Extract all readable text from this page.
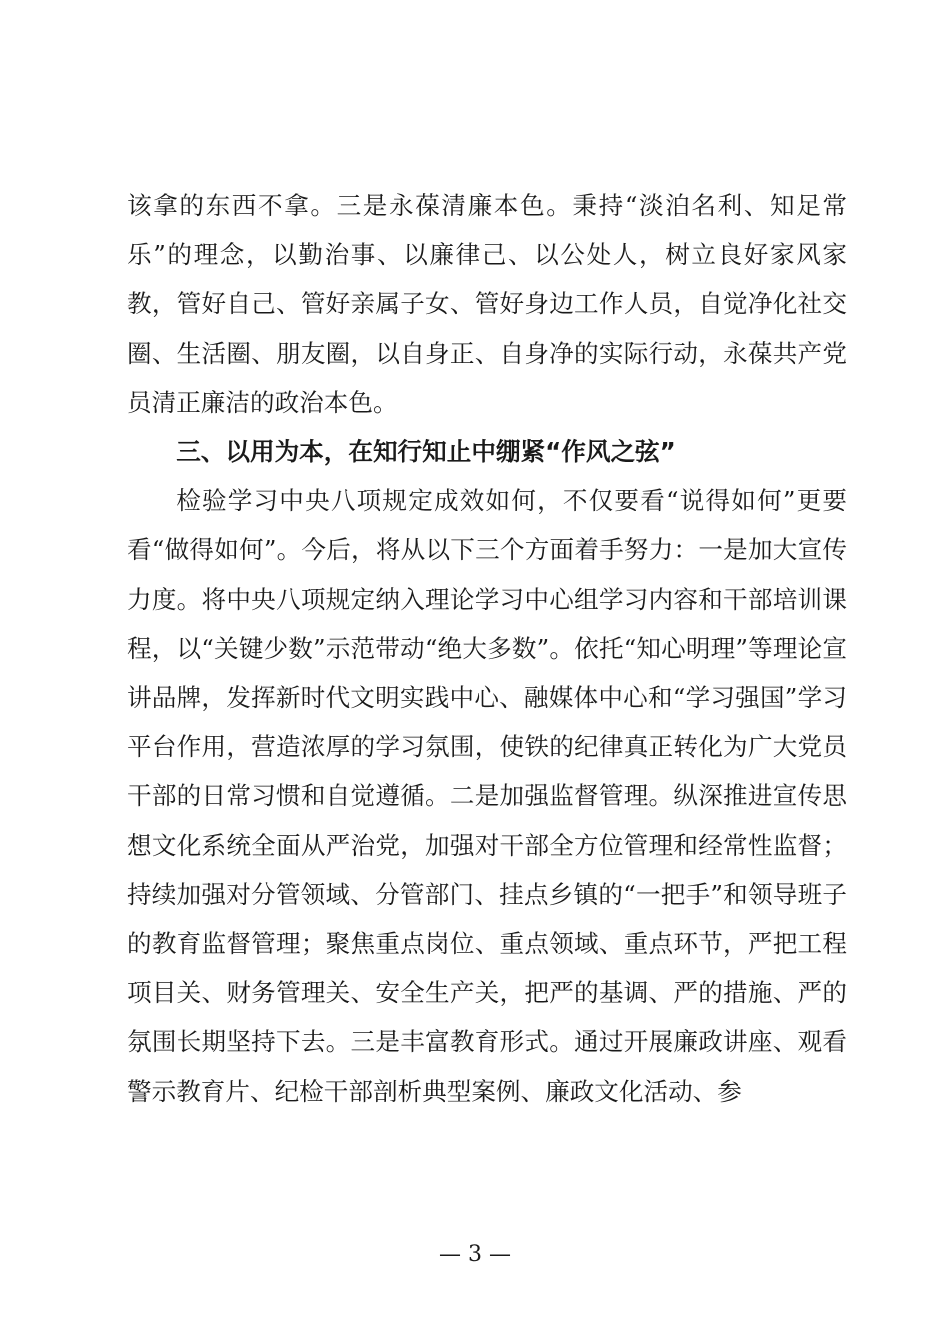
该拿的东西不拿。三是永葆清廉本色。秉持“淡泊名利、知足常乐”的理念，以勤治事、以廉律己、以公处人，树立良好家风家教，管好自己、管好亲属子女、管好身边工作人员，自觉净化社交圈、生活圈、朋友圈，以自身正、自身净的实际行动，永葆共产党员清正廉洁的政治本色。

三、以用为本，在知行知止中绷紧“作风之弦”

检验学习中央八项规定成效如何，不仅要看“说得如何”更要看“做得如何”。今后，将从以下三个方面着手努力：一是加大宣传力度。将中央八项规定纳入理论学习中心组学习内容和干部培训课程，以“关键少数”示范带动“绝大多数”。依托“知心明理”等理论宣讲品牌，发挥新时代文明实践中心、融媒体中心和“学习强国”学习平台作用，营造浓厚的学习氛围，使铁的纪律真正转化为广大党员干部的日常习惯和自觉遵循。二是加强监督管理。纵深推进宣传思想文化系统全面从严治党，加强对干部全方位管理和经常性监督；持续加强对分管领域、分管部门、挂点乡镇的“一把手”和领导班子的教育监督管理；聚焦重点岗位、重点领域、重点环节，严把工程项目关、财务管理关、安全生产关，把严的基调、严的措施、严的氛围长期坚持下去。三是丰富教育形式。通过开展廉政讲座、观看警示教育片、纪检干部剖析典型案例、廉政文化活动、参

— 3 —
